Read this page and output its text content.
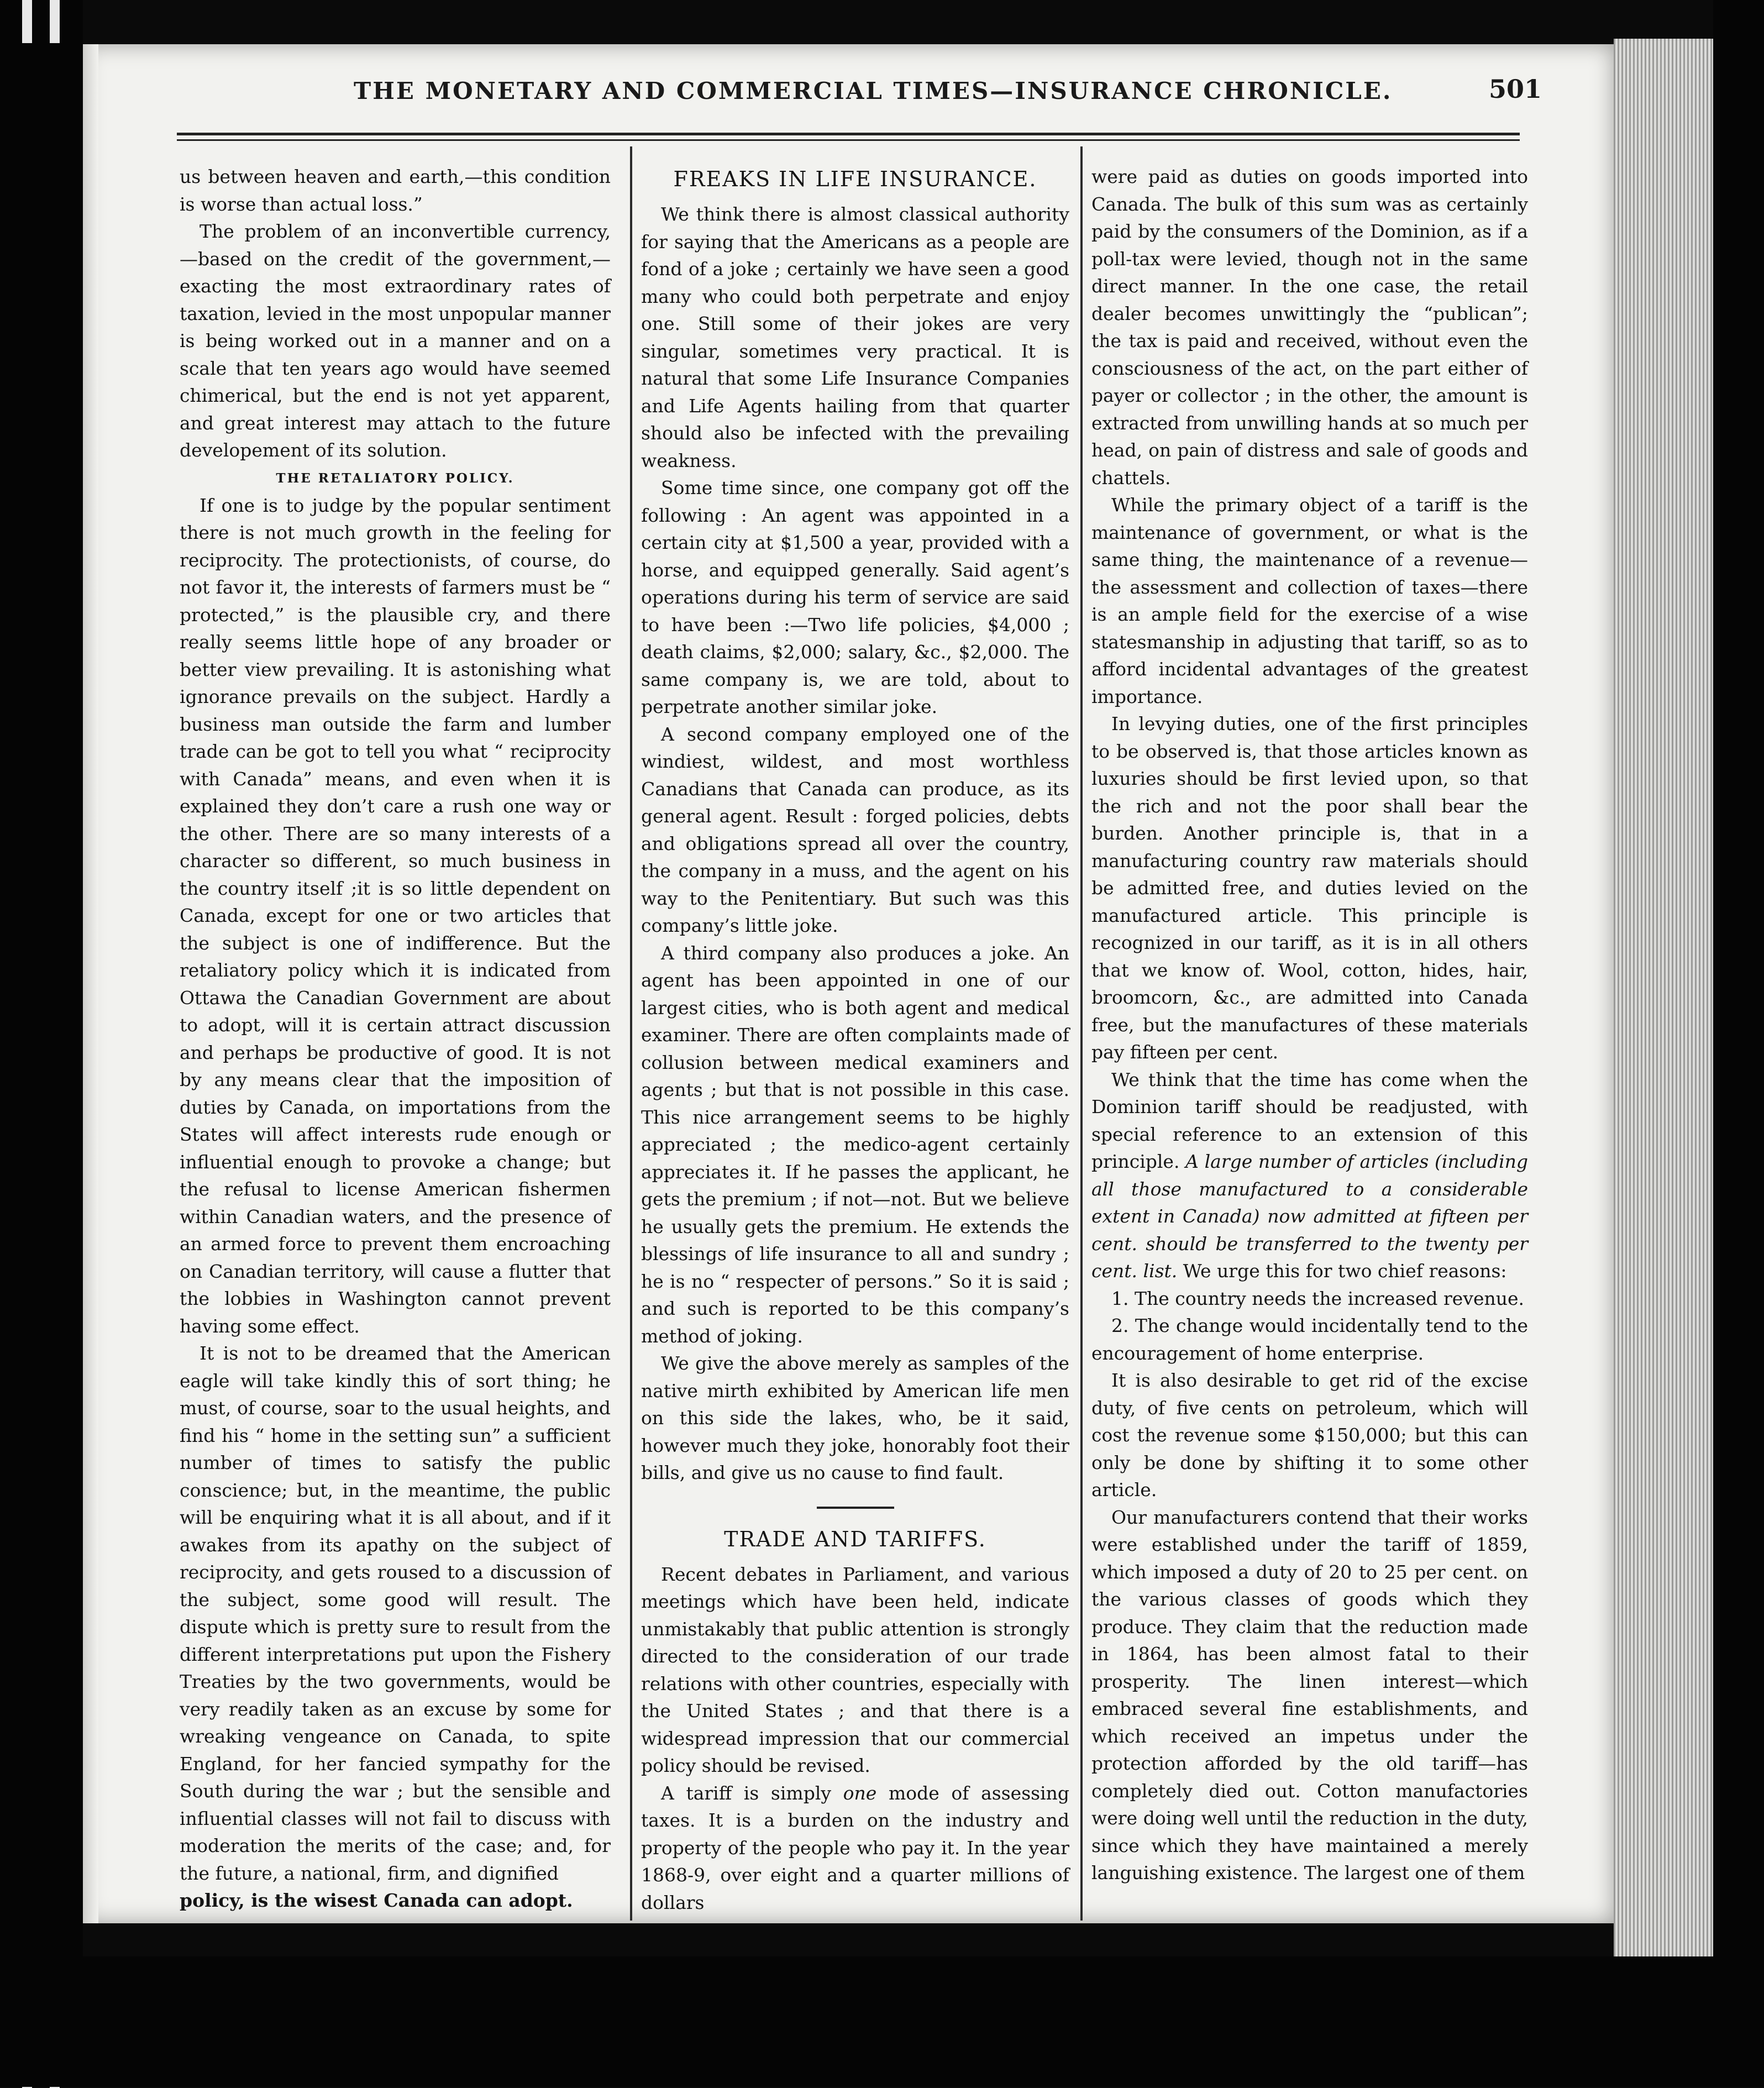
THE MONETARY AND COMMERCIAL TIMES—INSURANCE CHRONICLE.	501

us between heaven and earth,—this condition is worse than actual loss.”

The problem of an inconvertible currency, —based on the credit of the government,— exacting the most extraordinary rates of taxation, levied in the most unpopular manner is being worked out in a manner and on a scale that ten years ago would have seemed chimerical, but the end is not yet apparent, and great interest may attach to the future developement of its solution.

THE RETALIATORY POLICY.

If one is to judge by the popular sentiment there is not much growth in the feeling for reciprocity. The protectionists, of course, do not favor it, the interests of farmers must be “ protected,” is the plausible cry, and there really seems little hope of any broader or better view prevailing. It is astonishing what ignorance prevails on the subject. Hardly a business man outside the farm and lumber trade can be got to tell you what “ reciprocity with Canada” means, and even when it is explained they don’t care a rush one way or the other. There are so many interests of a character so different, so much business in the country itself ;it is so little dependent on Canada, except for one or two articles that the subject is one of indifference. But the retaliatory policy which it is indicated from Ottawa the Canadian Government are about to adopt, will it is certain attract discussion and perhaps be productive of good. It is not by any means clear that the imposition of duties by Canada, on importations from the States will affect interests rude enough or influential enough to provoke a change; but the refusal to license American fishermen within Canadian waters, and the presence of an armed force to prevent them encroaching on Canadian territory, will cause a flutter that the lobbies in Washington cannot prevent having some effect.

It is not to be dreamed that the American eagle will take kindly this of sort thing; he must, of course, soar to the usual heights, and find his “ home in the setting sun” a sufficient number of times to satisfy the public conscience; but, in the meantime, the public will be enquiring what it is all about, and if it awakes from its apathy on the subject of reciprocity, and gets roused to a discussion of the subject, some good will result. The dispute which is pretty sure to result from the different interpretations put upon the Fishery Treaties by the two governments, would be very readily taken as an excuse by some for wreaking vengeance on Canada, to spite England, for her fancied sympathy for the South during the war ; but the sensible and influential classes will not fail to discuss with moderation the merits of the case; and, for the future, a national, firm, and dignified

policy, is the wisest Canada can adopt.

FREAKS IN LIFE INSURANCE.

We think there is almost classical authority for saying that the Americans as a people are fond of a joke ; certainly we have seen a good many who could both perpetrate and enjoy one. Still some of their jokes are very singular, sometimes very practical. It is natural that some Life Insurance Companies and Life Agents hailing from that quarter should also be infected with the prevailing weakness.

Some time since, one company got off the following : An agent was appointed in a certain city at $1,500 a year, provided with a horse, and equipped generally. Said agent’s operations during his term of service are said to have been :—Two life policies, $4,000 ; death claims, $2,000; salary, &c., $2,000. The same company is, we are told, about to perpetrate another similar joke.

A second company employed one of the windiest, wildest, and most worthless Canadians that Canada can produce, as its general agent. Result : forged policies, debts and obligations spread all over the country, the company in a muss, and the agent on his way to the Penitentiary. But such was this company’s little joke.

A third company also produces a joke. An agent has been appointed in one of our largest cities, who is both agent and medical examiner. There are often complaints made of collusion between medical examiners and agents ; but that is not possible in this case. This nice arrangement seems to be highly appreciated ; the medico-agent certainly appreciates it. If he passes the applicant, he gets the premium ; if not—not. But we believe he usually gets the premium. He extends the blessings of life insurance to all and sundry ; he is no “ respecter of persons.” So it is said ; and such is reported to be this company’s method of joking.

We give the above merely as samples of the native mirth exhibited by American life men on this side the lakes, who, be it said, however much they joke, honorably foot their bills, and give us no cause to find fault.

TRADE AND TARIFFS.

Recent debates in Parliament, and various meetings which have been held, indicate unmistakably that public attention is strongly directed to the consideration of our trade relations with other countries, especially with the United States ; and that there is a widespread impression that our commercial policy should be revised.

A tariff is simply one mode of assessing taxes. It is a burden on the industry and property of the people who pay it. In the year 1868-9, over eight and a quarter millions of dollars

were paid as duties on goods imported into Canada. The bulk of this sum was as certainly paid by the consumers of the Dominion, as if a poll-tax were levied, though not in the same direct manner. In the one case, the retail dealer becomes unwittingly the “publican”; the tax is paid and received, without even the consciousness of the act, on the part either of payer or collector ; in the other, the amount is extracted from unwilling hands at so much per head, on pain of distress and sale of goods and chattels.

While the primary object of a tariff is the maintenance of government, or what is the same thing, the maintenance of a revenue— the assessment and collection of taxes—there is an ample field for the exercise of a wise statesmanship in adjusting that tariff, so as to afford incidental advantages of the greatest importance.

In levying duties, one of the first principles to be observed is, that those articles known as luxuries should be first levied upon, so that the rich and not the poor shall bear the burden. Another principle is, that in a manufacturing country raw materials should be admitted free, and duties levied on the manufactured article. This principle is recognized in our tariff, as it is in all others that we know of. Wool, cotton, hides, hair, broomcorn, &c., are admitted into Canada free, but the manufactures of these materials pay fifteen per cent.

We think that the time has come when the Dominion tariff should be readjusted, with special reference to an extension of this principle. A large number of articles (including all those manufactured to a considerable extent in Canada) now admitted at fifteen per cent. should be transferred to the twenty per cent. list. We urge this for two chief reasons:

1. The country needs the increased revenue.

2. The change would incidentally tend to the encouragement of home enterprise.

It is also desirable to get rid of the excise duty, of five cents on petroleum, which will cost the revenue some $150,000; but this can only be done by shifting it to some other article.

Our manufacturers contend that their works were established under the tariff of 1859, which imposed a duty of 20 to 25 per cent. on the various classes of goods which they produce. They claim that the reduction made in 1864, has been almost fatal to their prosperity. The linen interest—which embraced several fine establishments, and which received an impetus under the protection afforded by the old tariff—has completely died out. Cotton manufactories were doing well until the reduction in the duty, since which they have maintained a merely languishing existence. The largest one of them
